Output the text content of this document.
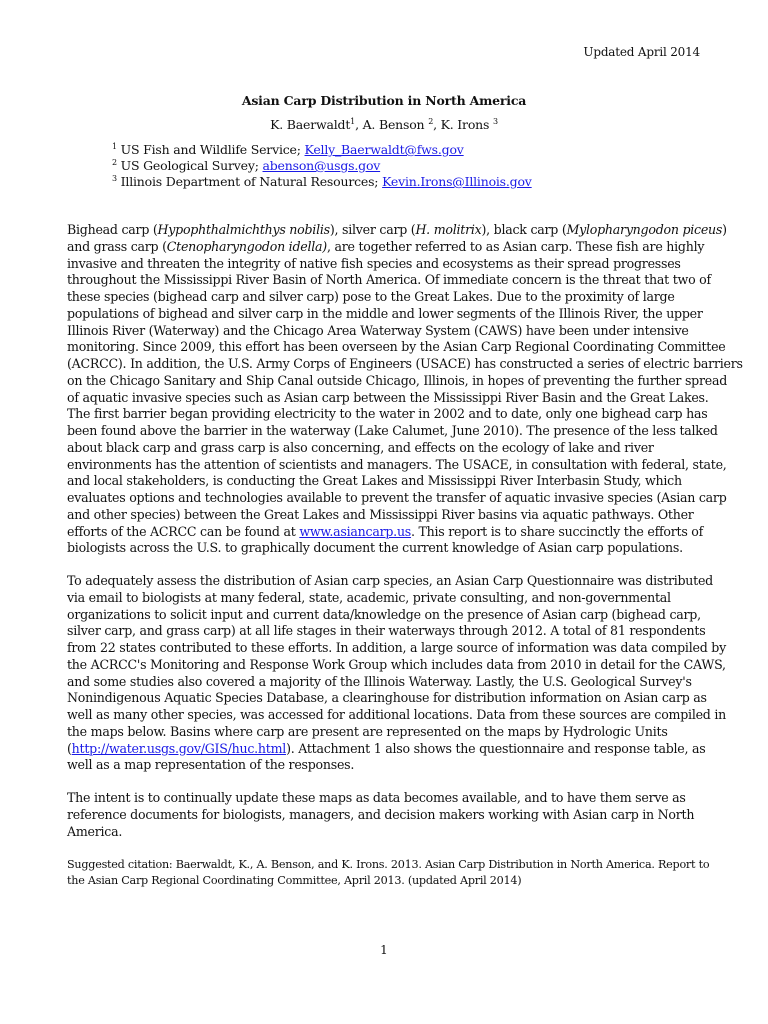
Updated April 2014
Asian Carp Distribution in North America
K. Baerwaldt$^1$, A. Benson $^2$, K. Irons $^3$
$^1$ US Fish and Wildlife Service; Kelly_Baerwaldt@fws.gov
$^2$ US Geological Survey; abenson@usgs.gov
$^3$ Illinois Department of Natural Resources; Kevin.Irons@Illinois.gov
Bighead carp (Hypophthalmichthys nobilis), silver carp (H. molitrix), black carp (Mylopharyngodon piceus)
and grass carp (Ctenopharyngodon idella), are together referred to as Asian carp. These fish are highly
invasive and threaten the integrity of native fish species and ecosystems as their spread progresses
throughout the Mississippi River Basin of North America. Of immediate concern is the threat that two of
these species (bighead carp and silver carp) pose to the Great Lakes. Due to the proximity of large
populations of bighead and silver carp in the middle and lower segments of the Illinois River, the upper
Illinois River (Waterway) and the Chicago Area Waterway System (CAWS) have been under intensive
monitoring. Since 2009, this effort has been overseen by the Asian Carp Regional Coordinating Committee
(ACRCC). In addition, the U.S. Army Corps of Engineers (USACE) has constructed a series of electric barriers
on the Chicago Sanitary and Ship Canal outside Chicago, Illinois, in hopes of preventing the further spread
of aquatic invasive species such as Asian carp between the Mississippi River Basin and the Great Lakes.
The first barrier began providing electricity to the water in 2002 and to date, only one bighead carp has
been found above the barrier in the waterway (Lake Calumet, June 2010). The presence of the less talked
about black carp and grass carp is also concerning, and effects on the ecology of lake and river
environments has the attention of scientists and managers. The USACE, in consultation with federal, state,
and local stakeholders, is conducting the Great Lakes and Mississippi River Interbasin Study, which
evaluates options and technologies available to prevent the transfer of aquatic invasive species (Asian carp
and other species) between the Great Lakes and Mississippi River basins via aquatic pathways. Other
efforts of the ACRCC can be found at www.asiancarp.us. This report is to share succinctly the efforts of
biologists across the U.S. to graphically document the current knowledge of Asian carp populations.
To adequately assess the distribution of Asian carp species, an Asian Carp Questionnaire was distributed
via email to biologists at many federal, state, academic, private consulting, and non-governmental
organizations to solicit input and current data/knowledge on the presence of Asian carp (bighead carp,
silver carp, and grass carp) at all life stages in their waterways through 2012. A total of 81 respondents
from 22 states contributed to these efforts. In addition, a large source of information was data compiled by
the ACRCC's Monitoring and Response Work Group which includes data from 2010 in detail for the CAWS,
and some studies also covered a majority of the Illinois Waterway. Lastly, the U.S. Geological Survey's
Nonindigenous Aquatic Species Database, a clearinghouse for distribution information on Asian carp as
well as many other species, was accessed for additional locations. Data from these sources are compiled in
the maps below. Basins where carp are present are represented on the maps by Hydrologic Units
(http://water.usgs.gov/GIS/huc.html). Attachment 1 also shows the questionnaire and response table, as
well as a map representation of the responses.
The intent is to continually update these maps as data becomes available, and to have them serve as
reference documents for biologists, managers, and decision makers working with Asian carp in North
America.
Suggested citation: Baerwaldt, K., A. Benson, and K. Irons. 2013. Asian Carp Distribution in North America. Report to
the Asian Carp Regional Coordinating Committee, April 2013. (updated April 2014)
1
